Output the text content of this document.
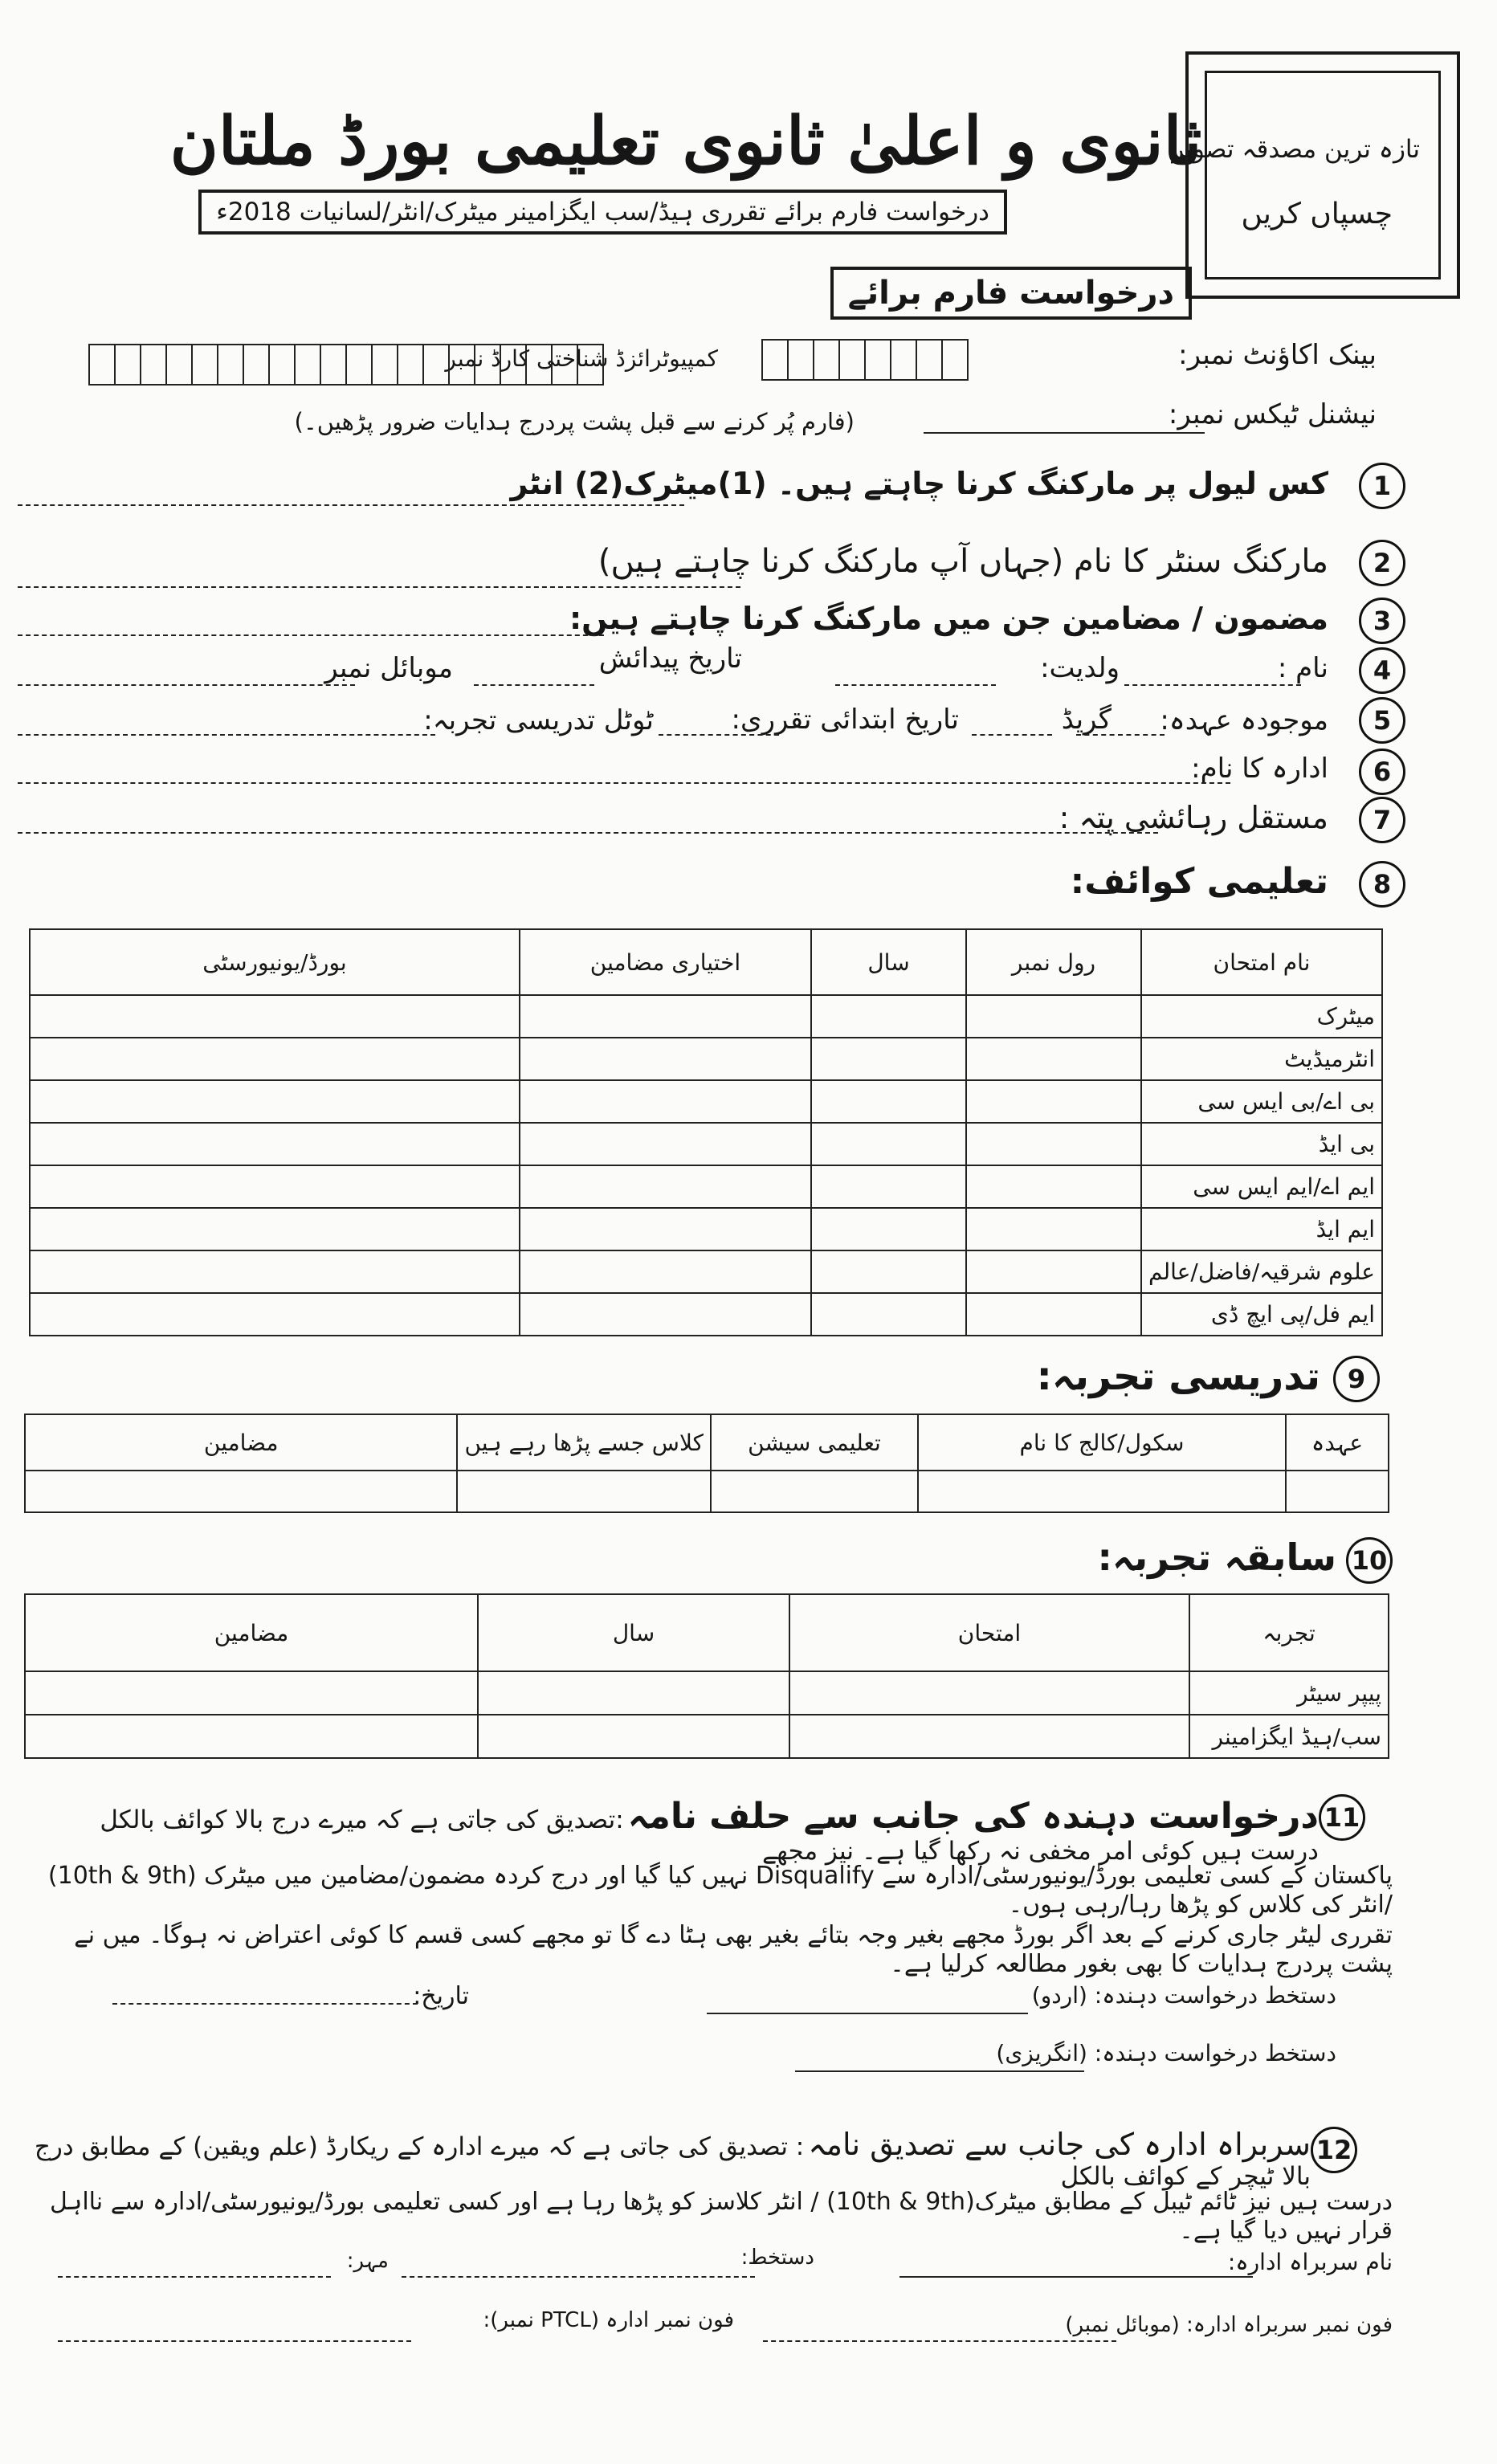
ثانوی و اعلیٰ ثانوی تعلیمی بورڈ ملتان
درخواست فارم برائے تقرری ہیڈ/سب ایگزامینر میٹرک/انٹر/لسانیات 2018ء
درخواست فارم برائے
تازہ ترین مصدقہ تصویر
چسپاں کریں
بینک اکاؤنٹ نمبر:
کمپیوٹرائزڈ شناختی کارڈ نمبر
نیشنل ٹیکس نمبر:
(فارم پُر کرنے سے قبل پشت پردرج ہدایات ضرور پڑھیں۔)
1
کس لیول پر مارکنگ کرنا چاہتے ہیں۔ (1)میٹرک(2) انٹر
2
مارکنگ سنٹر کا نام (جہاں آپ مارکنگ کرنا چاہتے ہیں)
3
مضمون / مضامین جن میں مارکنگ کرنا چاہتے ہیں:
4
نام :
ولدیت:
تاریخ پیدائش
موبائل نمبر
5
موجودہ عہدہ:
گریڈ
تاریخ ابتدائی تقرری:
ٹوٹل تدریسی تجربہ:
6
ادارہ کا نام:
7
مستقل رہائشی پتہ :
8
تعلیمی کوائف:
نام امتحان	رول نمبر	سال	اختیاری مضامین	بورڈ/یونیورسٹی
میٹرک				
انٹرمیڈیٹ				
بی اے/بی ایس سی				
بی ایڈ				
ایم اے/ایم ایس سی				
ایم ایڈ				
علوم شرقیہ/فاضل/عالم				
ایم فل/پی ایچ ڈی				
9
تدریسی تجربہ:
عہدہ	سکول/کالج کا نام	تعلیمی سیشن	کلاس جسے پڑھا رہے ہیں	مضامین

10
سابقہ تجربہ:
تجربہ	امتحان	سال	مضامین
پیپر سیٹر			
سب/ہیڈ ایگزامینر			
11
درخواست دہندہ کی جانب سے حلف نامہ :تصدیق کی جاتی ہے کہ میرے درج بالا کوائف بالکل درست ہیں کوئی امر مخفی نہ رکھا گیا ہے۔ نیز مجھے
پاکستان کے کسی تعلیمی بورڈ/یونیورسٹی/ادارہ سے Disqualify نہیں کیا گیا اور درج کردہ مضمون/مضامین میں میٹرک (10th & 9th) /انٹر کی کلاس کو پڑھا رہا/رہی ہوں۔
تقرری لیٹر جاری کرنے کے بعد اگر بورڈ مجھے بغیر وجہ بتائے بغیر بھی ہٹا دے گا تو مجھے کسی قسم کا کوئی اعتراض نہ ہوگا۔ میں نے پشت پردرج ہدایات کا بھی بغور مطالعہ کرلیا ہے۔
دستخط درخواست دہندہ: (اردو)
تاریخ:
دستخط درخواست دہندہ: (انگریزی)
12
سربراہ ادارہ کی جانب سے تصدیق نامہ : تصدیق کی جاتی ہے کہ میرے ادارہ کے ریکارڈ (علم ویقین) کے مطابق درج بالا ٹیچر کے کوائف بالکل
درست ہیں نیز ٹائم ٹیبل کے مطابق میٹرک(10th & 9th) / انٹر کلاسز کو پڑھا رہا ہے اور کسی تعلیمی بورڈ/یونیورسٹی/ادارہ سے نااہل قرار نہیں دیا گیا ہے۔
نام سربراہ ادارہ:
دستخط:
مہر:
فون نمبر سربراہ ادارہ: (موبائل نمبر)
فون نمبر ادارہ (PTCL نمبر):
